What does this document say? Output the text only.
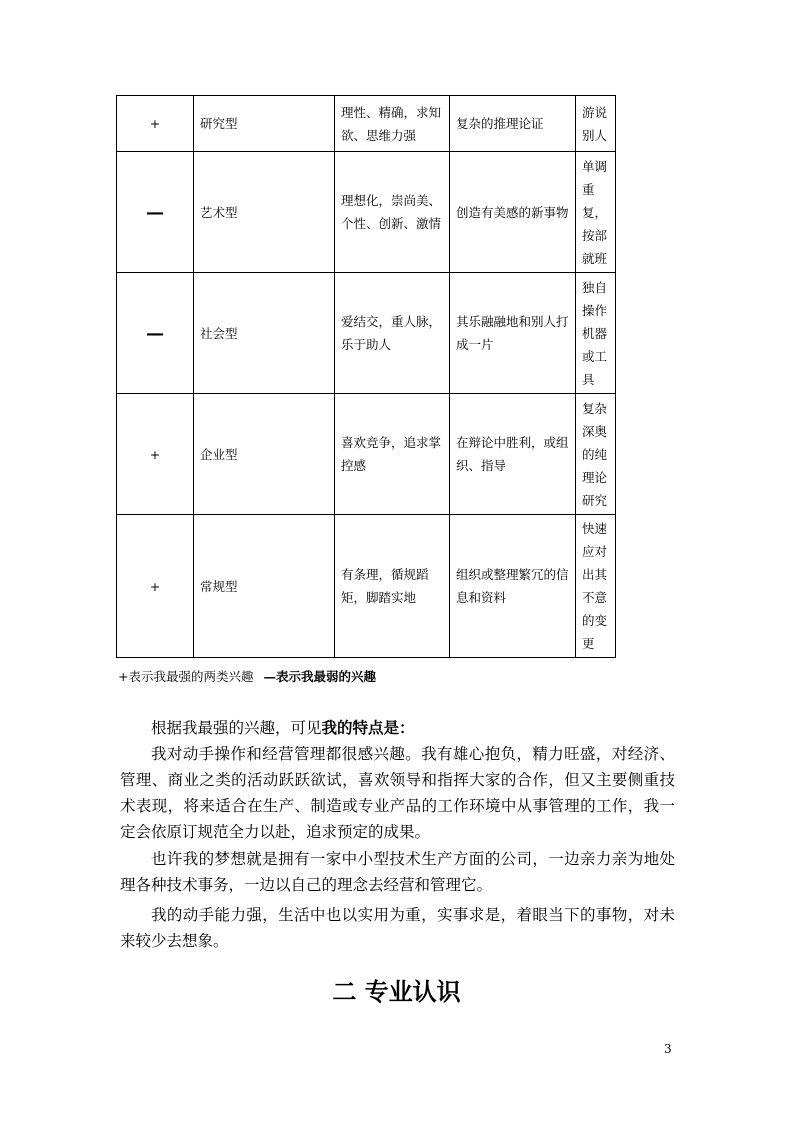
+	研究型	理性、精确，求知欲、思维力强	复杂的推理论证	游说别人
—	艺术型	理想化，崇尚美、个性、创新、激情	创造有美感的新事物	单调重复，按部就班
—	社会型	爱结交，重人脉，乐于助人	其乐融融地和别人打成一片	独自操作机器或工具
+	企业型	喜欢竞争，追求掌控感	在辩论中胜利，或组织、指导	复杂深奥的纯理论研究
+	常规型	有条理，循规蹈矩，脚踏实地	组织或整理繁冗的信息和资料	快速应对出其不意的变更
+表示我最强的两类兴趣 —表示我最弱的兴趣

根据我最强的兴趣，可见我的特点是：

我对动手操作和经营管理都很感兴趣。我有雄心抱负，精力旺盛，对经济、管理、商业之类的活动跃跃欲试，喜欢领导和指挥大家的合作，但又主要侧重技术表现，将来适合在生产、制造或专业产品的工作环境中从事管理的工作，我一定会依原订规范全力以赴，追求预定的成果。

也许我的梦想就是拥有一家中小型技术生产方面的公司，一边亲力亲为地处理各种技术事务，一边以自己的理念去经营和管理它。

我的动手能力强，生活中也以实用为重，实事求是，着眼当下的事物，对未来较少去想象。

二 专业认识
3
